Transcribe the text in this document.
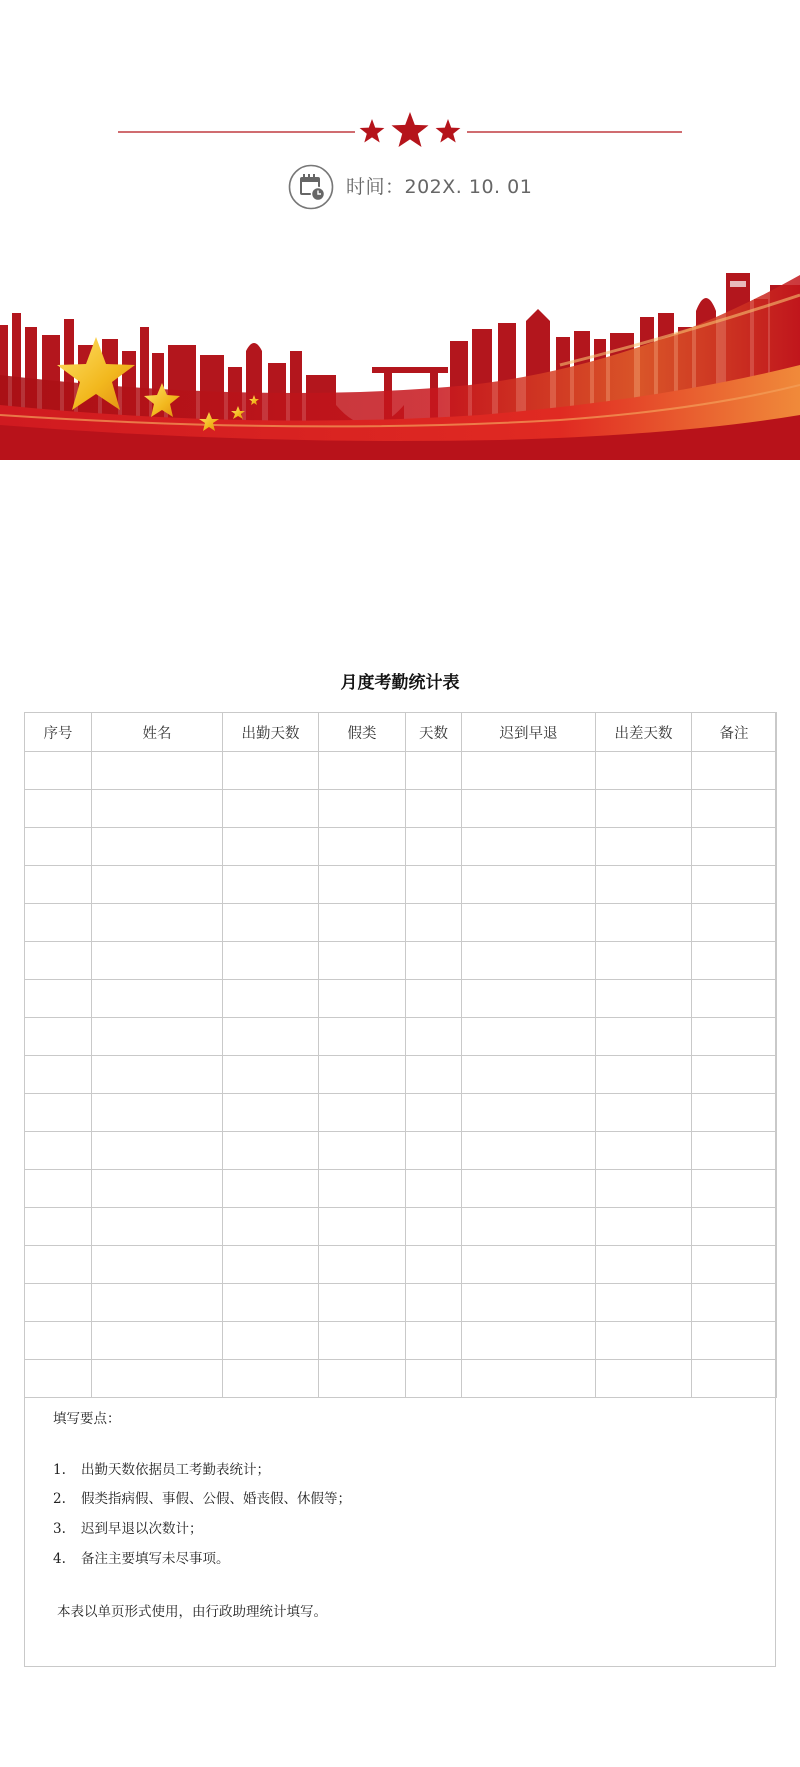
时间：202X. 10. 01
月度考勤统计表
序号	姓名	出勤天数	假类	天数	迟到早退	出差天数	备注

填写要点：
1. 出勤天数依据员工考勤表统计；
2. 假类指病假、事假、公假、婚丧假、休假等；
3. 迟到早退以次数计；
4. 备注主要填写未尽事项。
本表以单页形式使用，由行政助理统计填写。
